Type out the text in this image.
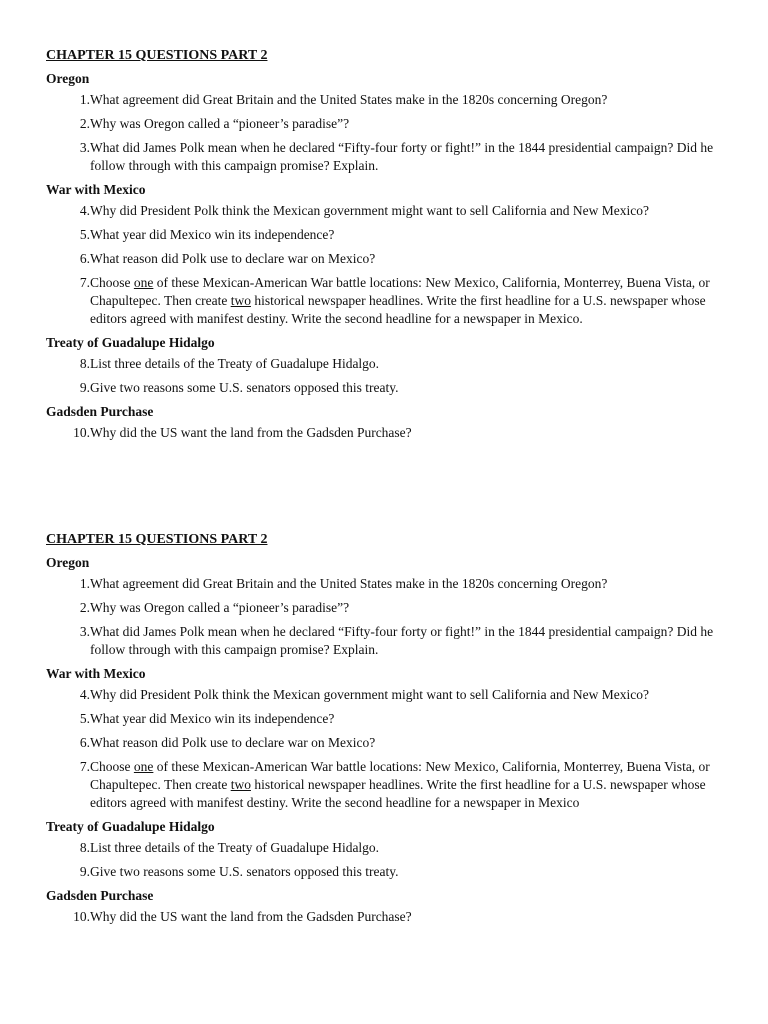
CHAPTER 15 QUESTIONS PART 2
Oregon
1. What agreement did Great Britain and the United States make in the 1820s concerning Oregon?
2. Why was Oregon called a “pioneer’s paradise”?
3. What did James Polk mean when he declared “Fifty-four forty or fight!” in the 1844 presidential campaign? Did he follow through with this campaign promise? Explain.
War with Mexico
4. Why did President Polk think the Mexican government might want to sell California and New Mexico?
5. What year did Mexico win its independence?
6. What reason did Polk use to declare war on Mexico?
7. Choose one of these Mexican-American War battle locations: New Mexico, California, Monterrey, Buena Vista, or Chapultepec. Then create two historical newspaper headlines. Write the first headline for a U.S. newspaper whose editors agreed with manifest destiny. Write the second headline for a newspaper in Mexico.
Treaty of Guadalupe Hidalgo
8. List three details of the Treaty of Guadalupe Hidalgo.
9. Give two reasons some U.S. senators opposed this treaty.
Gadsden Purchase
10. Why did the US want the land from the Gadsden Purchase?
CHAPTER 15 QUESTIONS PART 2
Oregon
1. What agreement did Great Britain and the United States make in the 1820s concerning Oregon?
2. Why was Oregon called a “pioneer’s paradise”?
3. What did James Polk mean when he declared “Fifty-four forty or fight!” in the 1844 presidential campaign? Did he follow through with this campaign promise? Explain.
War with Mexico
4. Why did President Polk think the Mexican government might want to sell California and New Mexico?
5. What year did Mexico win its independence?
6. What reason did Polk use to declare war on Mexico?
7. Choose one of these Mexican-American War battle locations: New Mexico, California, Monterrey, Buena Vista, or Chapultepec. Then create two historical newspaper headlines. Write the first headline for a U.S. newspaper whose editors agreed with manifest destiny. Write the second headline for a newspaper in Mexico
Treaty of Guadalupe Hidalgo
8. List three details of the Treaty of Guadalupe Hidalgo.
9. Give two reasons some U.S. senators opposed this treaty.
Gadsden Purchase
10. Why did the US want the land from the Gadsden Purchase?
